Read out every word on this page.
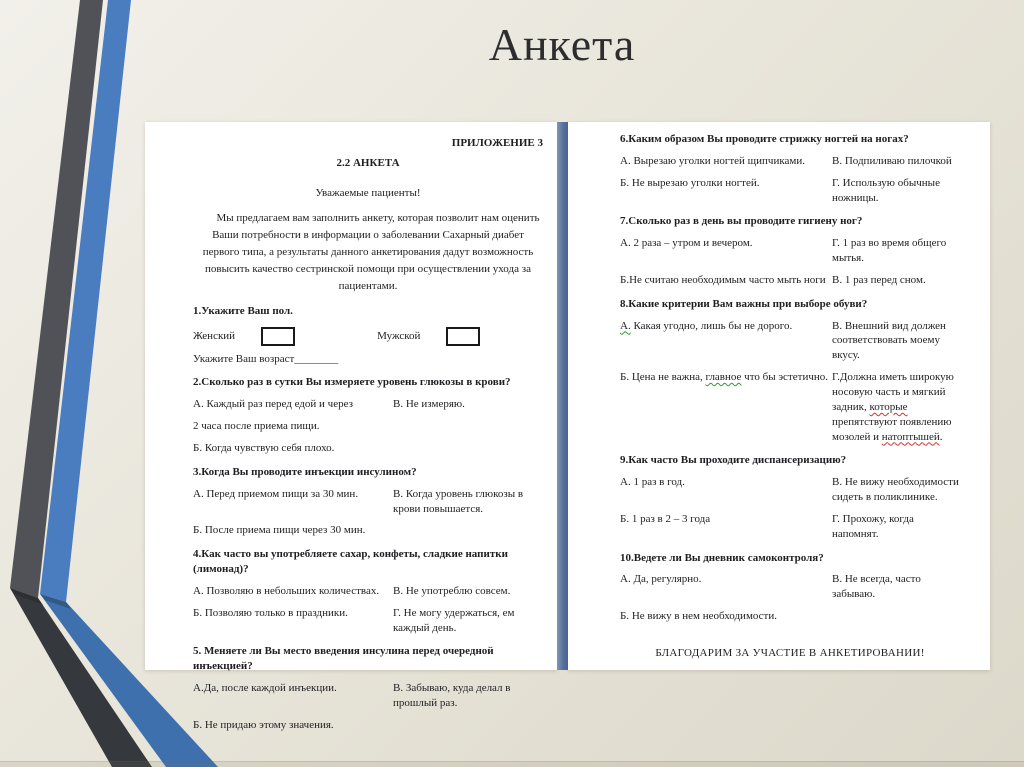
Анкета
ПРИЛОЖЕНИЕ 3
2.2 АНКЕТА
Уважаемые пациенты!
Мы предлагаем вам заполнить анкету, которая позволит нам оценить Ваши потребности в информации о заболевании Сахарный диабет первого типа, а результаты данного анкетирования дадут возможность повысить качество сестринской помощи при осуществлении ухода за пациентами.
1.Укажите Ваш пол.
Женский	Мужской
Укажите Ваш возраст________
2.Сколько раз в сутки Вы измеряете уровень глюкозы в крови?
А. Каждый раз перед едой и через	В. Не измеряю.
2 часа после приема пищи.
Б. Когда чувствую себя плохо.
3.Когда Вы проводите инъекции инсулином?
А. Перед приемом пищи за 30 мин.	В. Когда уровень глюкозы в крови повышается.
Б. После приема пищи через 30 мин.
4.Как часто вы употребляете сахар, конфеты, сладкие напитки (лимонад)?
А. Позволяю в небольших количествах.	В. Не употреблю совсем.
Б. Позволяю только в праздники.	Г. Не могу удержаться, ем каждый день.
5. Меняете ли Вы место введения инсулина перед очередной инъекцией?
А.Да, после каждой инъекции.	В. Забываю, куда делал в прошлый раз.
Б. Не придаю этому значения.
6.Каким образом Вы проводите стрижку ногтей на ногах?
А. Вырезаю уголки ногтей щипчиками.	В. Подпиливаю пилочкой
Б. Не вырезаю уголки ногтей.	Г. Использую обычные ножницы.
7.Сколько раз в день вы проводите гигиену ног?
А. 2 раза – утром и вечером.	Г. 1 раз во время общего мытья.
Б.Не считаю необходимым часто мыть ноги В. 1 раз перед сном.
8.Какие критерии Вам важны при выборе обуви?
А. Какая угодно, лишь бы не дорого.	В. Внешний вид должен соответствовать моему вкусу.
Б. Цена не важна, главное что бы эстетично. Г.Должна иметь широкую носовую часть и мягкий задник, которые препятствуют появлению мозолей и натоптышей.
9.Как часто Вы проходите диспансеризацию?
А. 1 раз в год.	В. Не вижу необходимости сидеть в поликлинике.
Б. 1 раз в 2 – 3 года	Г. Прохожу, когда напомнят.
10.Ведете ли Вы дневник самоконтроля?
А. Да, регулярно.	В. Не всегда, часто забываю.
Б. Не вижу в нем необходимости.
БЛАГОДАРИМ ЗА УЧАСТИЕ В АНКЕТИРОВАНИИ!
